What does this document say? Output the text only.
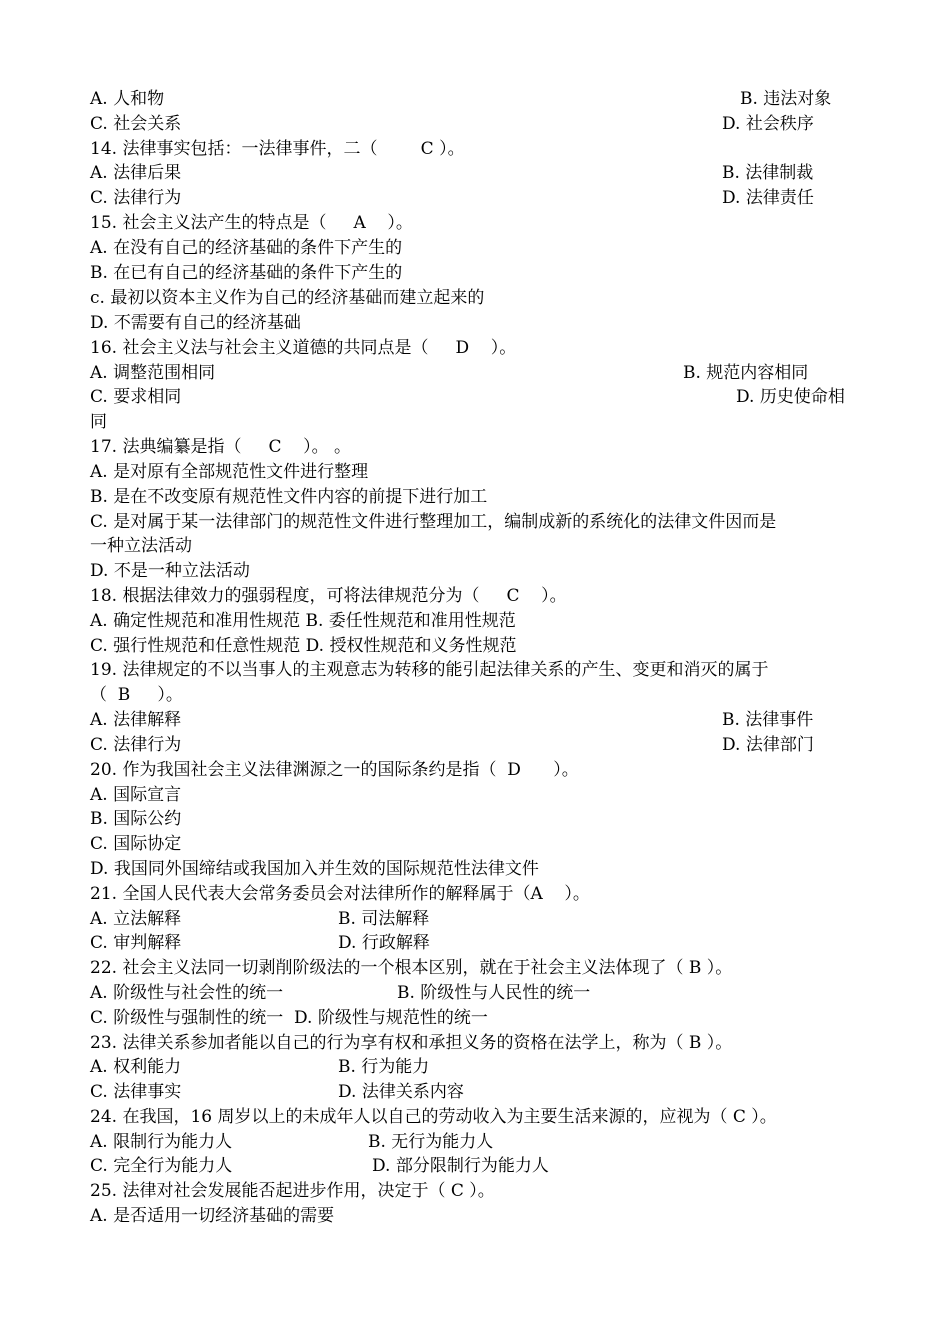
A. 人和物	B. 违法对象
C. 社会关系	D. 社会秩序
14. 法律事实包括：一法律事件，二（        C ）。
A. 法律后果	B. 法律制裁
C. 法律行为	D. 法律责任
15. 社会主义法产生的特点是（     A    ）。
A. 在没有自己的经济基础的条件下产生的
B. 在已有自己的经济基础的条件下产生的
c. 最初以资本主义作为自己的经济基础而建立起来的
D. 不需要有自己的经济基础
16. 社会主义法与社会主义道德的共同点是（     D    ）。
A. 调整范围相同	B. 规范内容相同
C. 要求相同	D. 历史使命相
同
17. 法典编纂是指（     C    ）。 。
A. 是对原有全部规范性文件进行整理
B. 是在不改变原有规范性文件内容的前提下进行加工
C. 是对属于某一法律部门的规范性文件进行整理加工，编制成新的系统化的法律文件因而是
一种立法活动
D. 不是一种立法活动
18. 根据法律效力的强弱程度，可将法律规范分为（     C    ）。
A. 确定性规范和准用性规范 B. 委任性规范和准用性规范
C. 强行性规范和任意性规范 D. 授权性规范和义务性规范
19. 法律规定的不以当事人的主观意志为转移的能引起法律关系的产生、变更和消灭的属于
（  B     ）。
A. 法律解释	B. 法律事件
C. 法律行为	D. 法律部门
20. 作为我国社会主义法律渊源之一的国际条约是指（  D      ）。
A. 国际宣言
B. 国际公约
C. 国际协定
D. 我国同外国缔结或我国加入并生效的国际规范性法律文件
21. 全国人民代表大会常务委员会对法律所作的解释属于（A    ）。
A. 立法解释	B. 司法解释
C. 审判解释	D. 行政解释
22. 社会主义法同一切剥削阶级法的一个根本区别，就在于社会主义法体现了（ B ）。
A. 阶级性与社会性的统一	B. 阶级性与人民性的统一
C. 阶级性与强制性的统一  D. 阶级性与规范性的统一
23. 法律关系参加者能以自己的行为享有权和承担义务的资格在法学上，称为（ B ）。
A. 权利能力	B. 行为能力
C. 法律事实	D. 法律关系内容
24. 在我国，16 周岁以上的未成年人以自己的劳动收入为主要生活来源的，应视为（ C ）。
A. 限制行为能力人	B. 无行为能力人
C. 完全行为能力人	D. 部分限制行为能力人
25. 法律对社会发展能否起进步作用，决定于（ C ）。
A. 是否适用一切经济基础的需要
